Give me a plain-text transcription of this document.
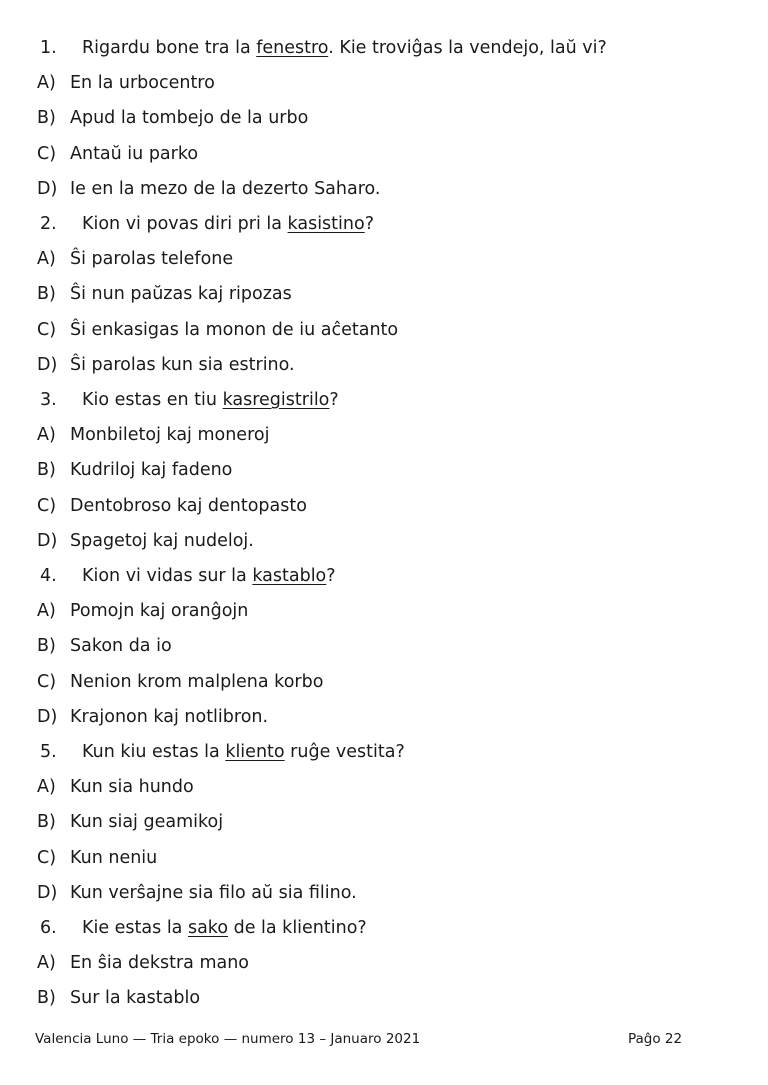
1. Rigardu bone tra la fenestro. Kie troviĝas la vendejo, laŭ vi?
A) En la urbocentro
B) Apud la tombejo de la urbo
C) Antaŭ iu parko
D) Ie en la mezo de la dezerto Saharo.
2. Kion vi povas diri pri la kasistino?
A) Ŝi parolas telefone
B) Ŝi nun paŭzas kaj ripozas
C) Ŝi enkasigas la monon de iu aĉetanto
D) Ŝi parolas kun sia estrino.
3. Kio estas en tiu kasregistrilo?
A) Monbiletoj kaj moneroj
B) Kudriloj kaj fadeno
C) Dentobroso kaj dentopasto
D) Spagetoj kaj nudeloj.
4. Kion vi vidas sur la kastablo?
A) Pomojn kaj oranĝojn
B) Sakon da io
C) Nenion krom malplena korbo
D) Krajonon kaj notlibron.
5. Kun kiu estas la kliento ruĝe vestita?
A) Kun sia hundo
B) Kun siaj geamikoj
C) Kun neniu
D) Kun verŝajne sia filo aŭ sia filino.
6. Kie estas la sako de la klientino?
A) En ŝia dekstra mano
B) Sur la kastablo
Valencia Luno — Tria epoko — numero 13 – Januaro 2021	Paĝo 22
